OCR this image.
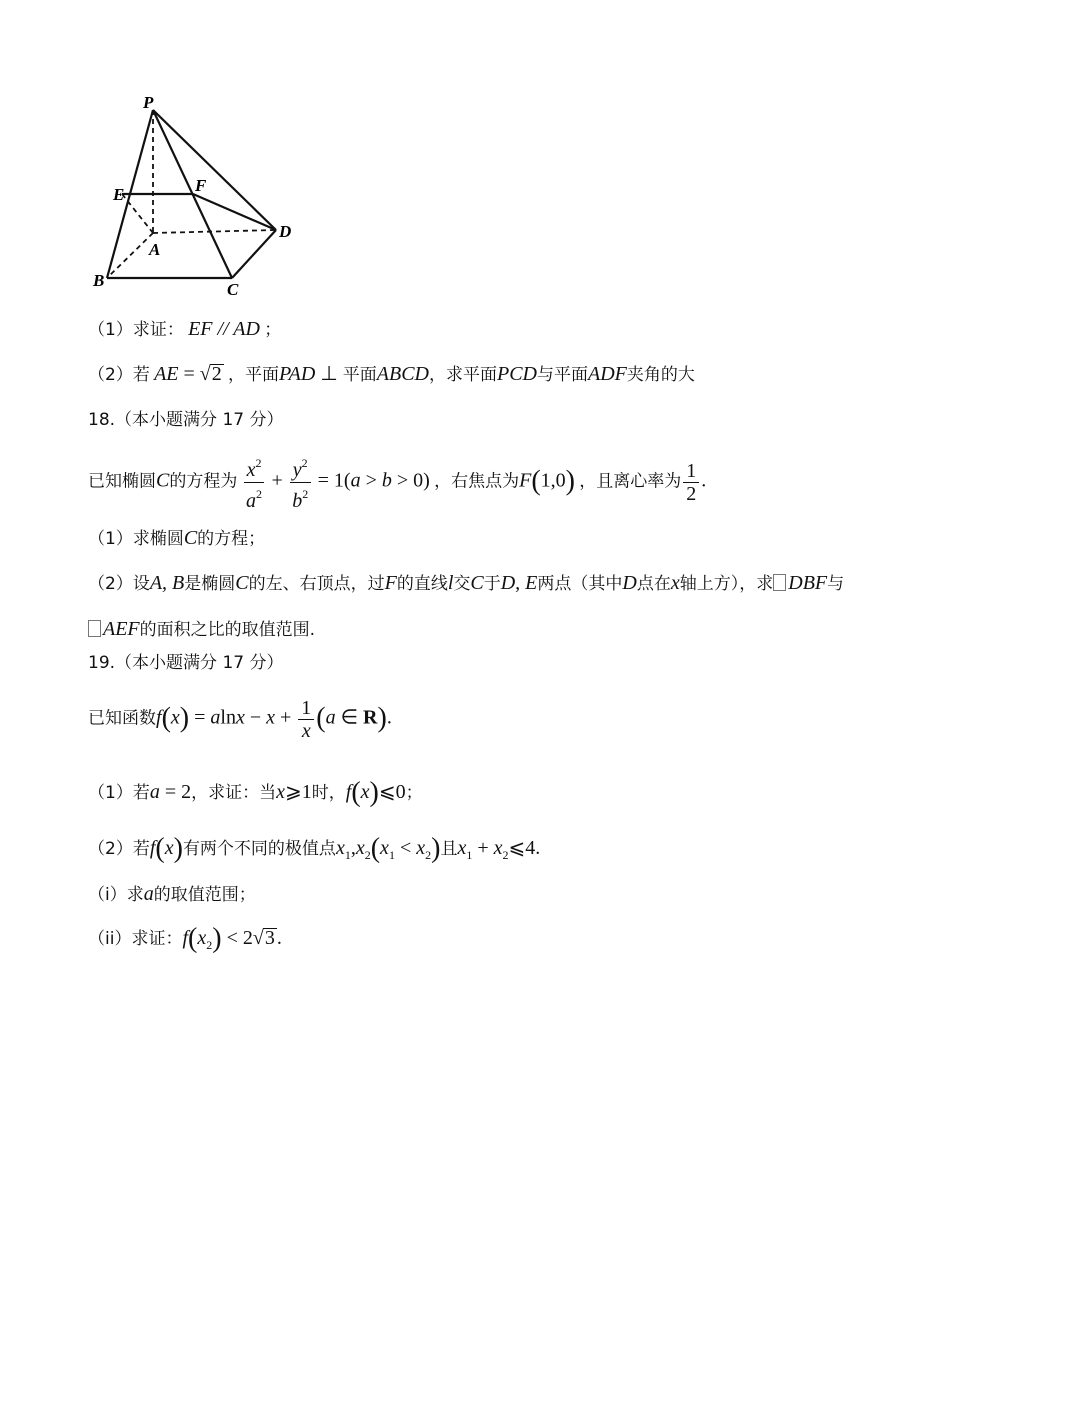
P
E	F
A
D
B	C
（1）求证： EF // AD ；
（2）若 AE = √2 ，平面PAD ⊥ 平面ABCD，求平面PCD与平面ADF夹角的大
18.（本小题满分 17 分）
已知椭圆C的方程为 $\frac{x^2}{a^2} + \frac{y^2}{b^2} = 1(a > b > 0)$ ，右焦点为F(1,0) ，且离心率为 $\frac{1}{2}$ .
（1）求椭圆C的方程；
（2）设A, B是椭圆C的左、右顶点，过F的直线l交C于D, E两点（其中D点在x轴上方），求 DBF与
AEF的面积之比的取值范围.
19.（本小题满分 17 分）
已知函数$f(x) = alnx - x + \frac{1}{x} (a$ ∈ R).
（1）若a = 2，求证：当x⩾1时，f(x)⩽0；
（2）若f(x)有两个不同的极值点$x_1,x_2(x_1 < x_2)$且$x_1$ + $x_2⩽4$.
（i）求a的取值范围；
（ii）求证：$f(x_2) < 2√3$ .
